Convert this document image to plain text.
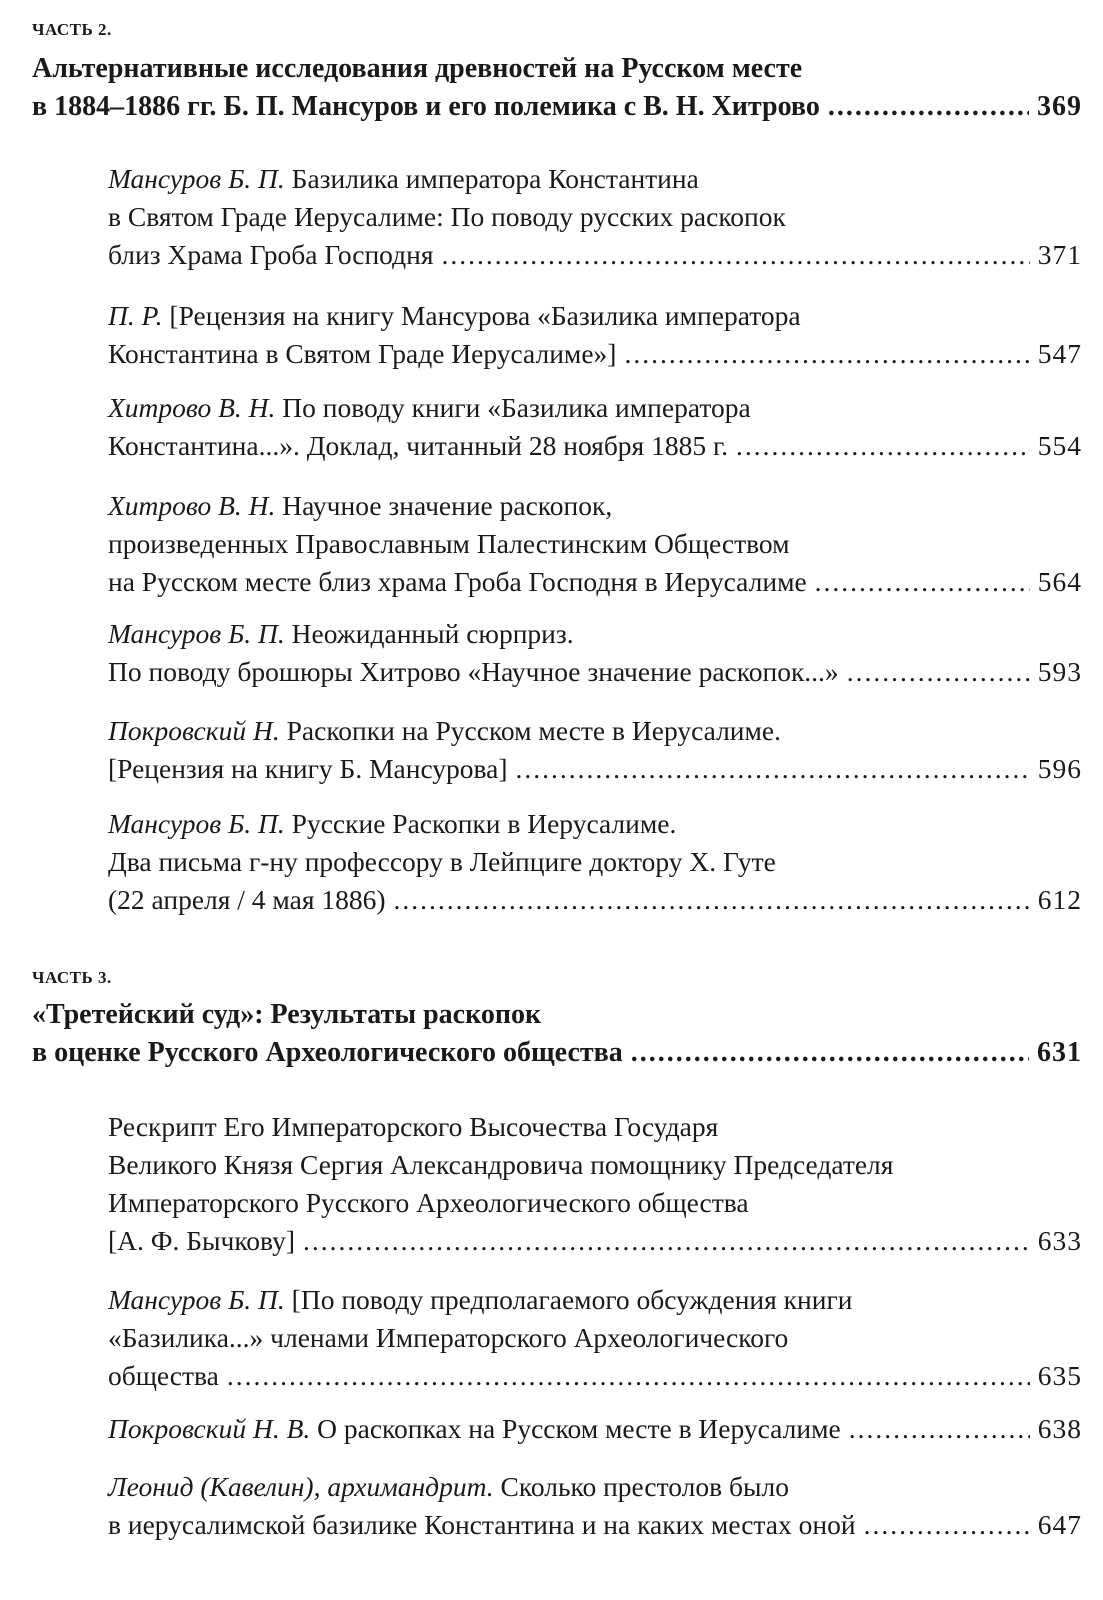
ЧАСТЬ 2.
Альтернативные исследования древностей на Русском месте
в 1884–1886 гг. Б. П. Мансуров и его полемика с В. Н. Хитрово .....	369
Мансуров Б. П. Базилика императора Константина
в Святом Граде Иерусалиме: По поводу русских раскопок
близ Храма Гроба Господня .....	371
П. Р. [Рецензия на книгу Мансурова «Базилика императора
Константина в Святом Граде Иерусалиме»] .....	547
Хитрово В. Н. По поводу книги «Базилика императора
Константина...». Доклад, читанный 28 ноября 1885 г. .....	554
Хитрово В. Н. Научное значение раскопок,
произведенных Православным Палестинским Обществом
на Русском месте близ храма Гроба Господня в Иерусалиме .....	564
Мансуров Б. П. Неожиданный сюрприз.
По поводу брошюры Хитрово «Научное значение раскопок...» .....	593
Покровский Н. Раскопки на Русском месте в Иерусалиме.
[Рецензия на книгу Б. Мансурова] .....	596
Мансуров Б. П. Русские Раскопки в Иерусалиме.
Два письма г-ну профессору в Лейпциге доктору Х. Гуте
(22 апреля / 4 мая 1886) .....	612
ЧАСТЬ 3.
«Третейский суд»: Результаты раскопок
в оценке Русского Археологического общества .....	631
Рескрипт Его Императорского Высочества Государя
Великого Князя Сергия Александровича помощнику Председателя
Императорского Русского Археологического общества
[А. Ф. Бычкову] .....	633
Мансуров Б. П. [По поводу предполагаемого обсуждения книги
«Базилика...» членами Императорского Археологического
общества .....	635
Покровский Н. В. О раскопках на Русском месте в Иерусалиме .....	638
Леонид (Кавелин), архимандрит. Сколько престолов было
в иерусалимской базилике Константина и на каких местах оной .....	647
